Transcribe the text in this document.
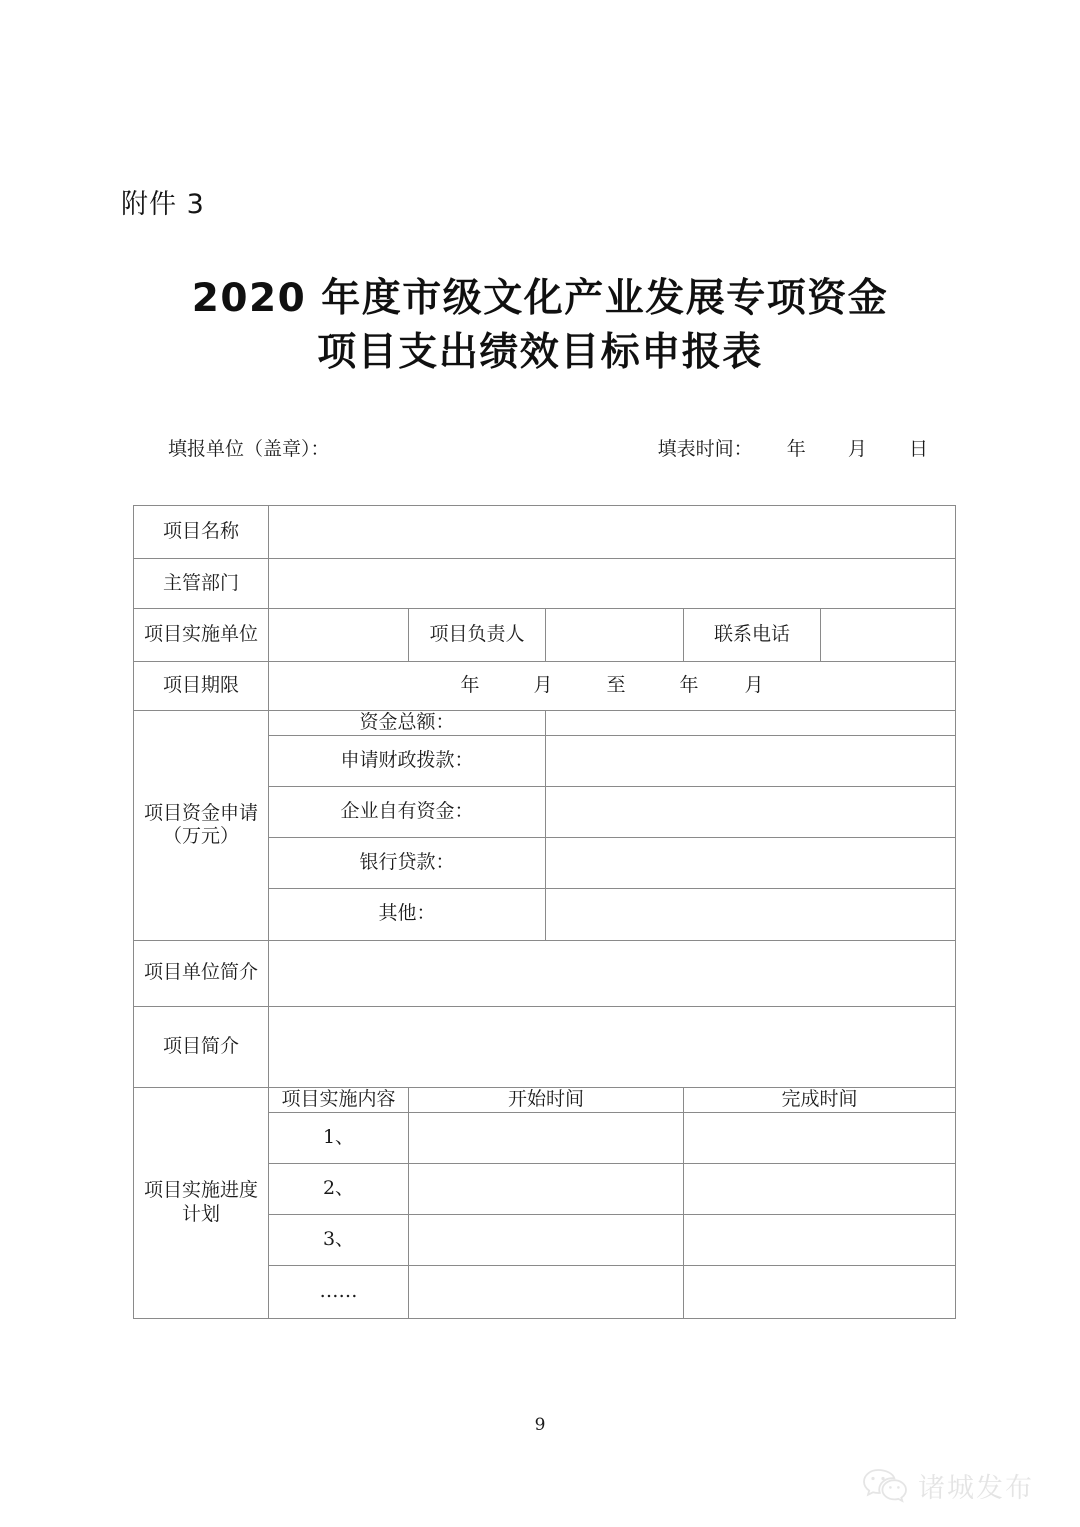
附件 3
2020 年度市级文化产业发展专项资金
项目支出绩效目标申报表
填报单位（盖章）：	填表时间： 年 月 日
项目名称					
主管部门					
项目实施单位		项目负责人		联系电话	
项目期限	年 月 至 年 月				
项目资金申请
（万元）	资金总额：				
	申请财政拨款：				
	企业自有资金：				
	银行贷款：				
	其他：				
项目单位简介					
项目简介					
项目实施进度
计划	项目实施内容	开始时间		完成时间	
	1、				
	2、				
	3、				
	……				
9
诸城发布
